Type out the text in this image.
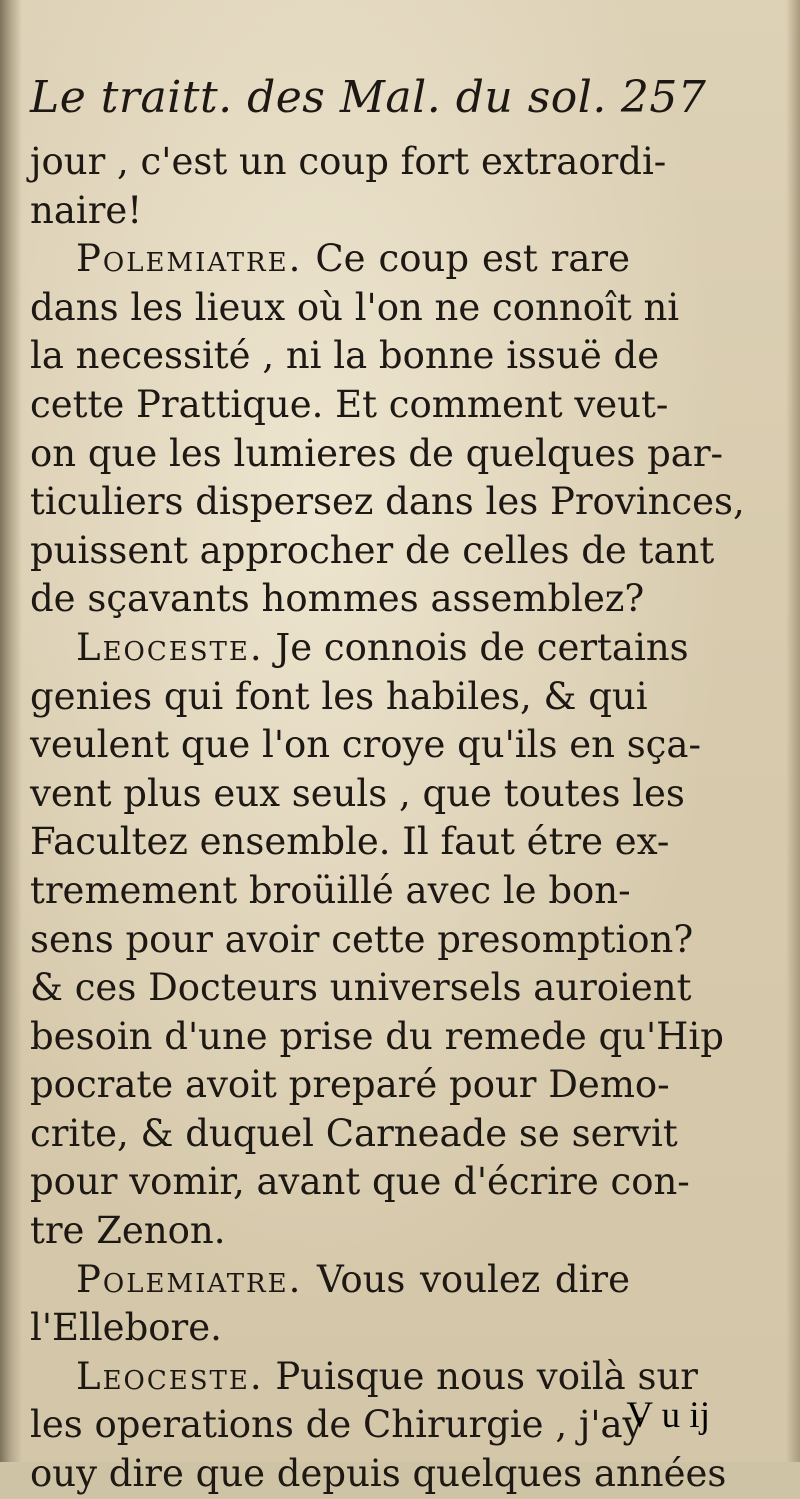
Le traitt. des Mal. du sol. 257
jour , c'est un coup fort extraordi-
naire!
Polemiatre. Ce coup est rare
dans les lieux où l'on ne connoît ni
la necessité , ni la bonne issuë de
cette Prattique. Et comment veut-
on que les lumieres de quelques par-
ticuliers dispersez dans les Provinces,
puissent approcher de celles de tant
de sçavants hommes assemblez?
Leoceste. Je connois de certains
genies qui font les habiles, & qui
veulent que l'on croye qu'ils en sça-
vent plus eux seuls , que toutes les
Facultez ensemble. Il faut étre ex-
tremement broüillé avec le bon-
sens pour avoir cette presomption?
& ces Docteurs universels auroient
besoin d'une prise du remede qu'Hip
pocrate avoit preparé pour Demo-
crite, & duquel Carneade se servit
pour vomir, avant que d'écrire con-
tre Zenon.
Polemiatre. Vous voulez dire
l'Ellebore.
Leoceste. Puisque nous voilà sur
les operations de Chirurgie , j'ay
ouy dire que depuis quelques années
V u ij
